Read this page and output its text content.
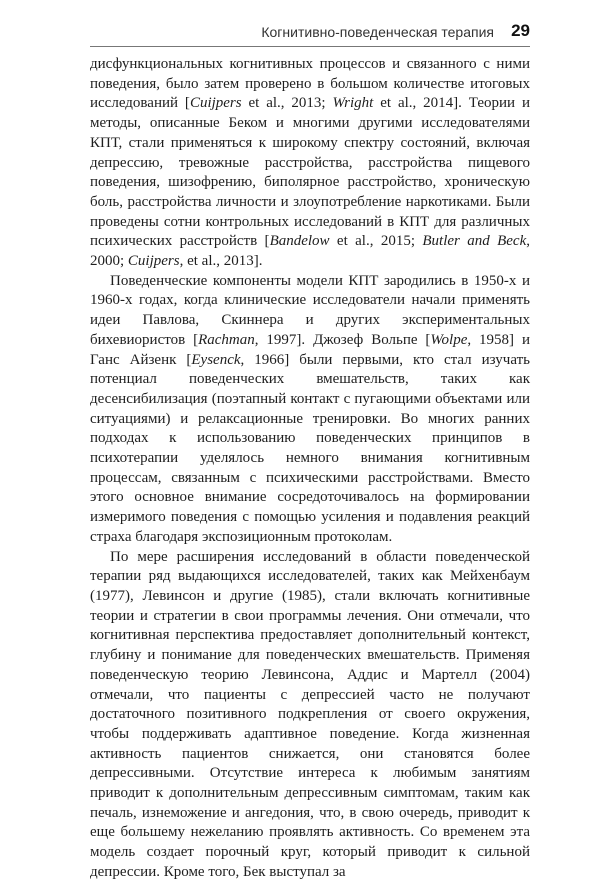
Когнитивно-поведенческая терапия 29

дисфункциональных когнитивных процессов и связанного с ними поведения, было затем проверено в большом количестве итоговых исследований [Cuijpers et al., 2013; Wright et al., 2014]. Теории и методы, описанные Беком и многими другими исследователями КПТ, стали применяться к широкому спектру состояний, включая депрессию, тревожные расстройства, расстройства пищевого поведения, шизофрению, биполярное расстройство, хроническую боль, расстройства личности и злоупотребление наркотиками. Были проведены сотни контрольных исследований в КПТ для различных психических расстройств [Bandelow et al., 2015; Butler and Beck, 2000; Cuijpers, et al., 2013].

Поведенческие компоненты модели КПТ зародились в 1950-х и 1960-х годах, когда клинические исследователи начали применять идеи Павлова, Скиннера и других экспериментальных бихевиористов [Rachman, 1997]. Джозеф Вольпе [Wolpe, 1958] и Ганс Айзенк [Eysenck, 1966] были первыми, кто стал изучать потенциал поведенческих вмешательств, таких как десенсибилизация (поэтапный контакт с пугающими объектами или ситуациями) и релаксационные тренировки. Во многих ранних подходах к использованию поведенческих принципов в психотерапии уделялось немного внимания когнитивным процессам, связанным с психическими расстройствами. Вместо этого основное внимание сосредоточивалось на формировании измеримого поведения с помощью усиления и подавления реакций страха благодаря экспозиционным протоколам.

По мере расширения исследований в области поведенческой терапии ряд выдающихся исследователей, таких как Мейхенбаум (1977), Левинсон и другие (1985), стали включать когнитивные теории и стратегии в свои программы лечения. Они отмечали, что когнитивная перспектива предоставляет дополнительный контекст, глубину и понимание для поведенческих вмешательств. Применяя поведенческую теорию Левинсона, Аддис и Мартелл (2004) отмечали, что пациенты с депрессией часто не получают достаточного позитивного подкрепления от своего окружения, чтобы поддерживать адаптивное поведение. Когда жизненная активность пациентов снижается, они становятся более депрессивными. Отсутствие интереса к любимым занятиям приводит к дополнительным депрессивным симптомам, таким как печаль, изнеможение и ангедония, что, в свою очередь, приводит к еще большему нежеланию проявлять активность. Со временем эта модель создает порочный круг, который приводит к сильной депрессии. Кроме того, Бек выступал за
